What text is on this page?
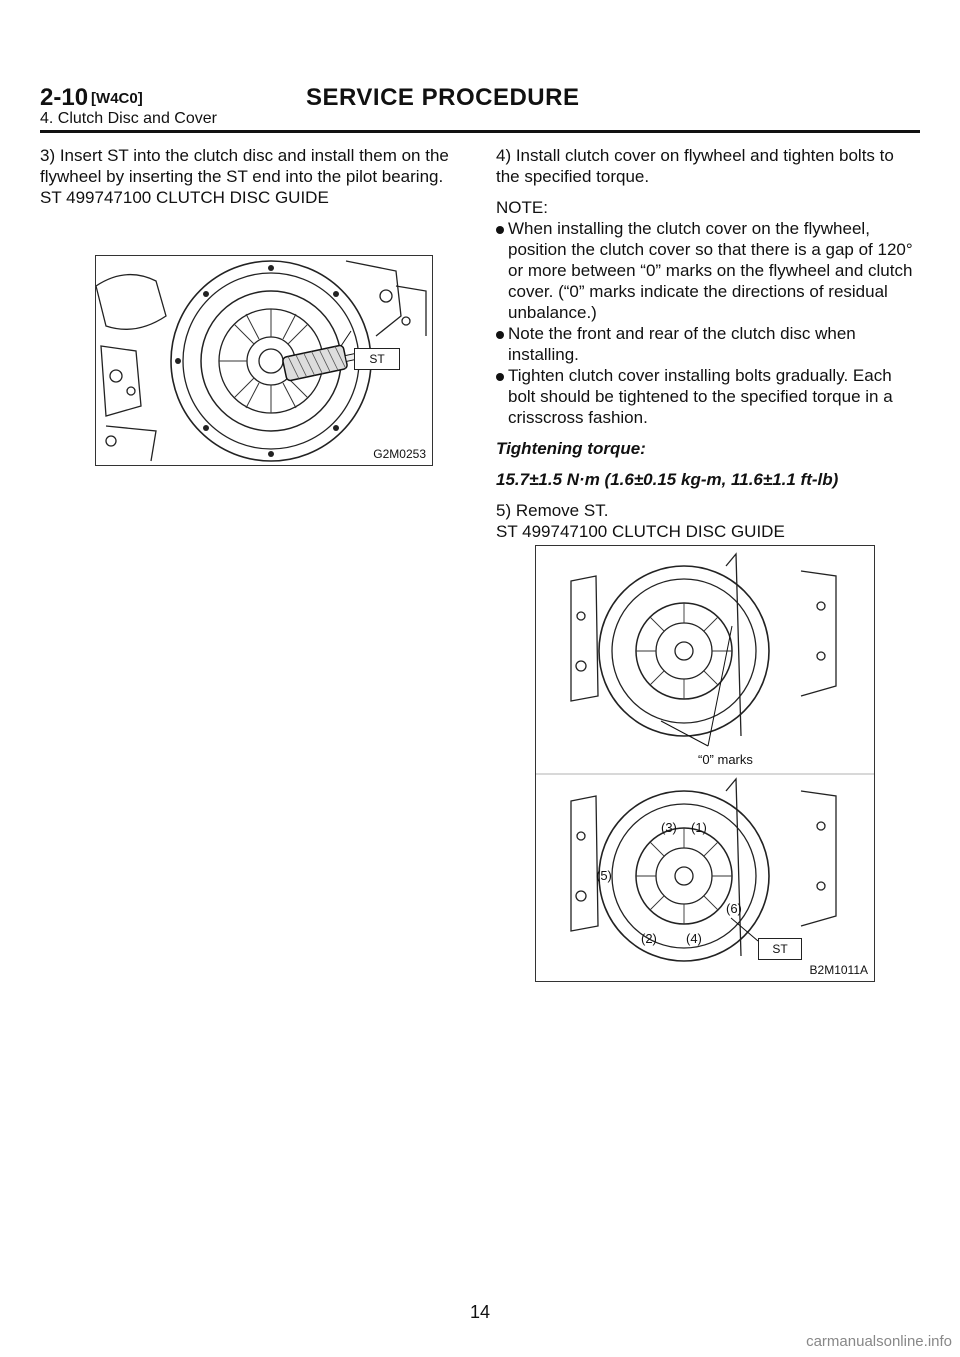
2-10 [W4C0]	SERVICE PROCEDURE
4. Clutch Disc and Cover

3) Insert ST into the clutch disc and install them on the flywheel by inserting the ST end into the pilot bearing.

ST 499747100 CLUTCH DISC GUIDE

ST
G2M0253

4) Install clutch cover on flywheel and tighten bolts to the specified torque.

NOTE:

When installing the clutch cover on the flywheel, position the clutch cover so that there is a gap of 120° or more between “0” marks on the flywheel and clutch cover. (“0” marks indicate the directions of residual unbalance.)
Note the front and rear of the clutch disc when installing.
Tighten clutch cover installing bolts gradually. Each bolt should be tightened to the specified torque in a crisscross fashion.

Tightening torque:

15.7±1.5 N·m (1.6±0.15 kg-m, 11.6±1.1 ft-lb)

5) Remove ST.

ST 499747100 CLUTCH DISC GUIDE

“0” marks
(3) (1)
(5)
(6)
(2) (4)
ST
B2M1011A
14
carmanualsonline.info
